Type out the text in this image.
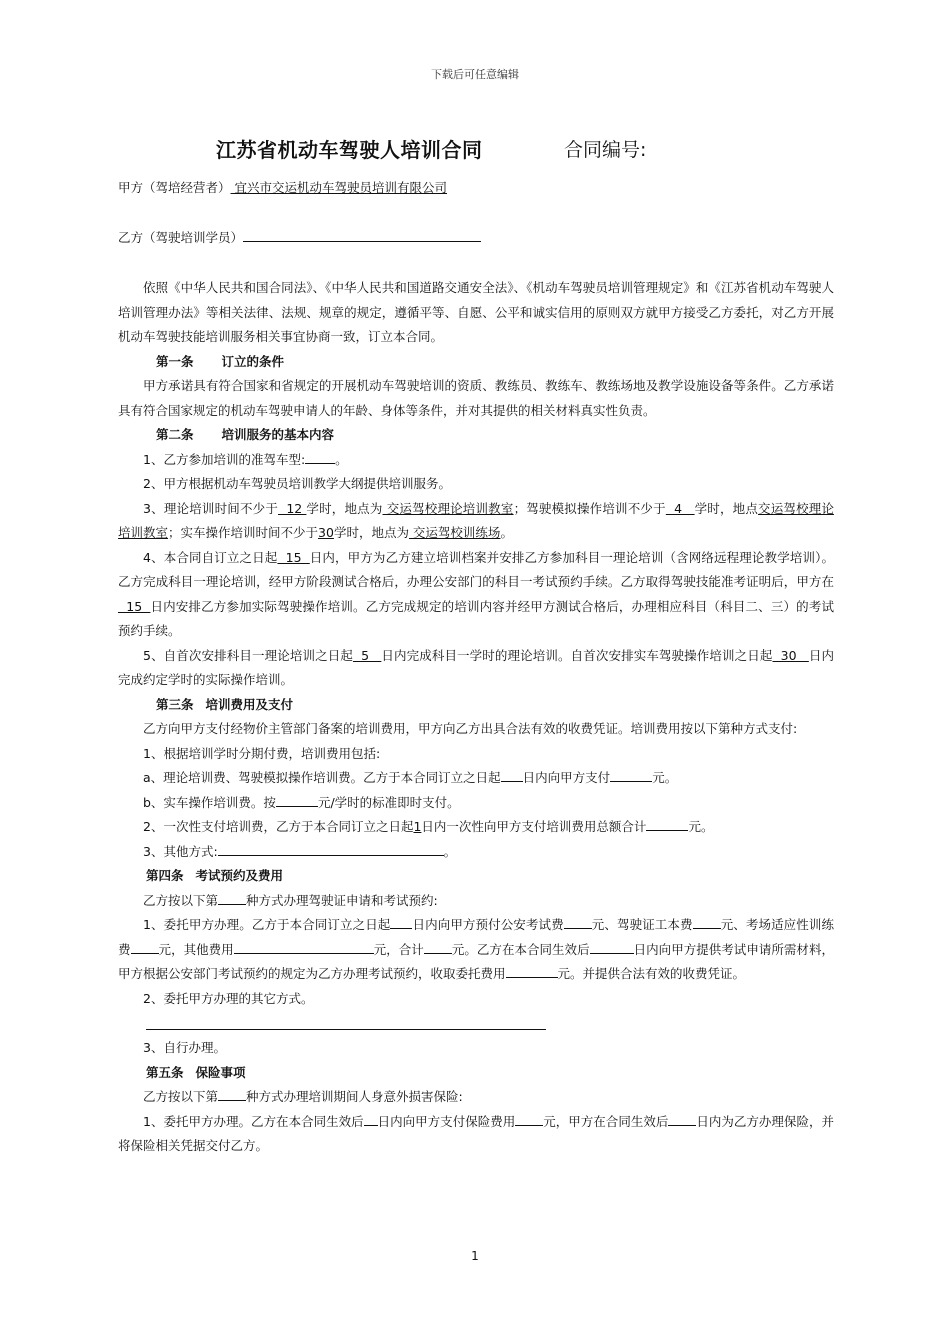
下载后可任意编辑
江苏省机动车驾驶人培训合同	合同编号:
甲方（驾培经营者） 宜兴市交运机动车驾驶员培训有限公司
乙方（驾驶培训学员）

依照《中华人民共和国合同法》、《中华人民共和国道路交通安全法》、《机动车驾驶员培训管理规定》和《江苏省机动车驾驶人培训管理办法》等相关法律、法规、规章的规定，遵循平等、自愿、公平和诚实信用的原则双方就甲方接受乙方委托，对乙方开展机动车驾驶技能培训服务相关事宜协商一致，订立本合同。

第一条 订立的条件

甲方承诺具有符合国家和省规定的开展机动车驾驶培训的资质、教练员、教练车、教练场地及教学设施设备等条件。乙方承诺具有符合国家规定的机动车驾驶申请人的年龄、身体等条件，并对其提供的相关材料真实性负责。

第二条 培训服务的基本内容

1、乙方参加培训的准驾车型: 。

2、甲方根据机动车驾驶员培训教学大纲提供培训服务。

3、理论培训时间不少于  12 学时，地点为 交运驾校理论培训教室；驾驶模拟操作培训不少于  4   学时，地点交运驾校理论培训教室；实车操作培训时间不少于30学时，地点为 交运驾校训练场。

4、本合同自订立之日起  15  日内，甲方为乙方建立培训档案并安排乙方参加科目一理论培训（含网络远程理论教学培训）。乙方完成科目一理论培训，经甲方阶段测试合格后，办理公安部门的科目一考试预约手续。乙方取得驾驶技能准考证明后，甲方在  15  日内安排乙方参加实际驾驶操作培训。乙方完成规定的培训内容并经甲方测试合格后，办理相应科目（科目二、三）的考试预约手续。

5、自首次安排科目一理论培训之日起  5   日内完成科目一学时的理论培训。自首次安排实车驾驶操作培训之日起  30   日内完成约定学时的实际操作培训。

第三条 培训费用及支付

乙方向甲方支付经物价主管部门备案的培训费用，甲方向乙方出具合法有效的收费凭证。培训费用按以下第种方式支付:

1、根据培训学时分期付费，培训费用包括:

a、理论培训费、驾驶模拟操作培训费。乙方于本合同订立之日起 日内向甲方支付	元。

b、实车操作培训费。按	元/学时的标准即时支付。

2、一次性支付培训费，乙方于本合同订立之日起1日内一次性向甲方支付培训费用总额合计	元。

3、其他方式:	。

第四条 考试预约及费用

乙方按以下第 种方式办理驾驶证申请和考试预约:

1、委托甲方办理。乙方于本合同订立之日起 日内向甲方预付公安考试费 元、驾驶证工本费 元、考场适应性训练费 元，其他费用	元，合计 元。乙方在本合同生效后	日内向甲方提供考试申请所需材料，甲方根据公安部门考试预约的规定为乙方办理考试预约，收取委托费用	元。并提供合法有效的收费凭证。

2、委托甲方办理的其它方式。

3、自行办理。

第五条 保险事项

乙方按以下第 种方式办理培训期间人身意外损害保险:

1、委托甲方办理。乙方在本合同生效后 日内向甲方支付保险费用 元，甲方在合同生效后 日内为乙方办理保险，并将保险相关凭据交付乙方。

1
